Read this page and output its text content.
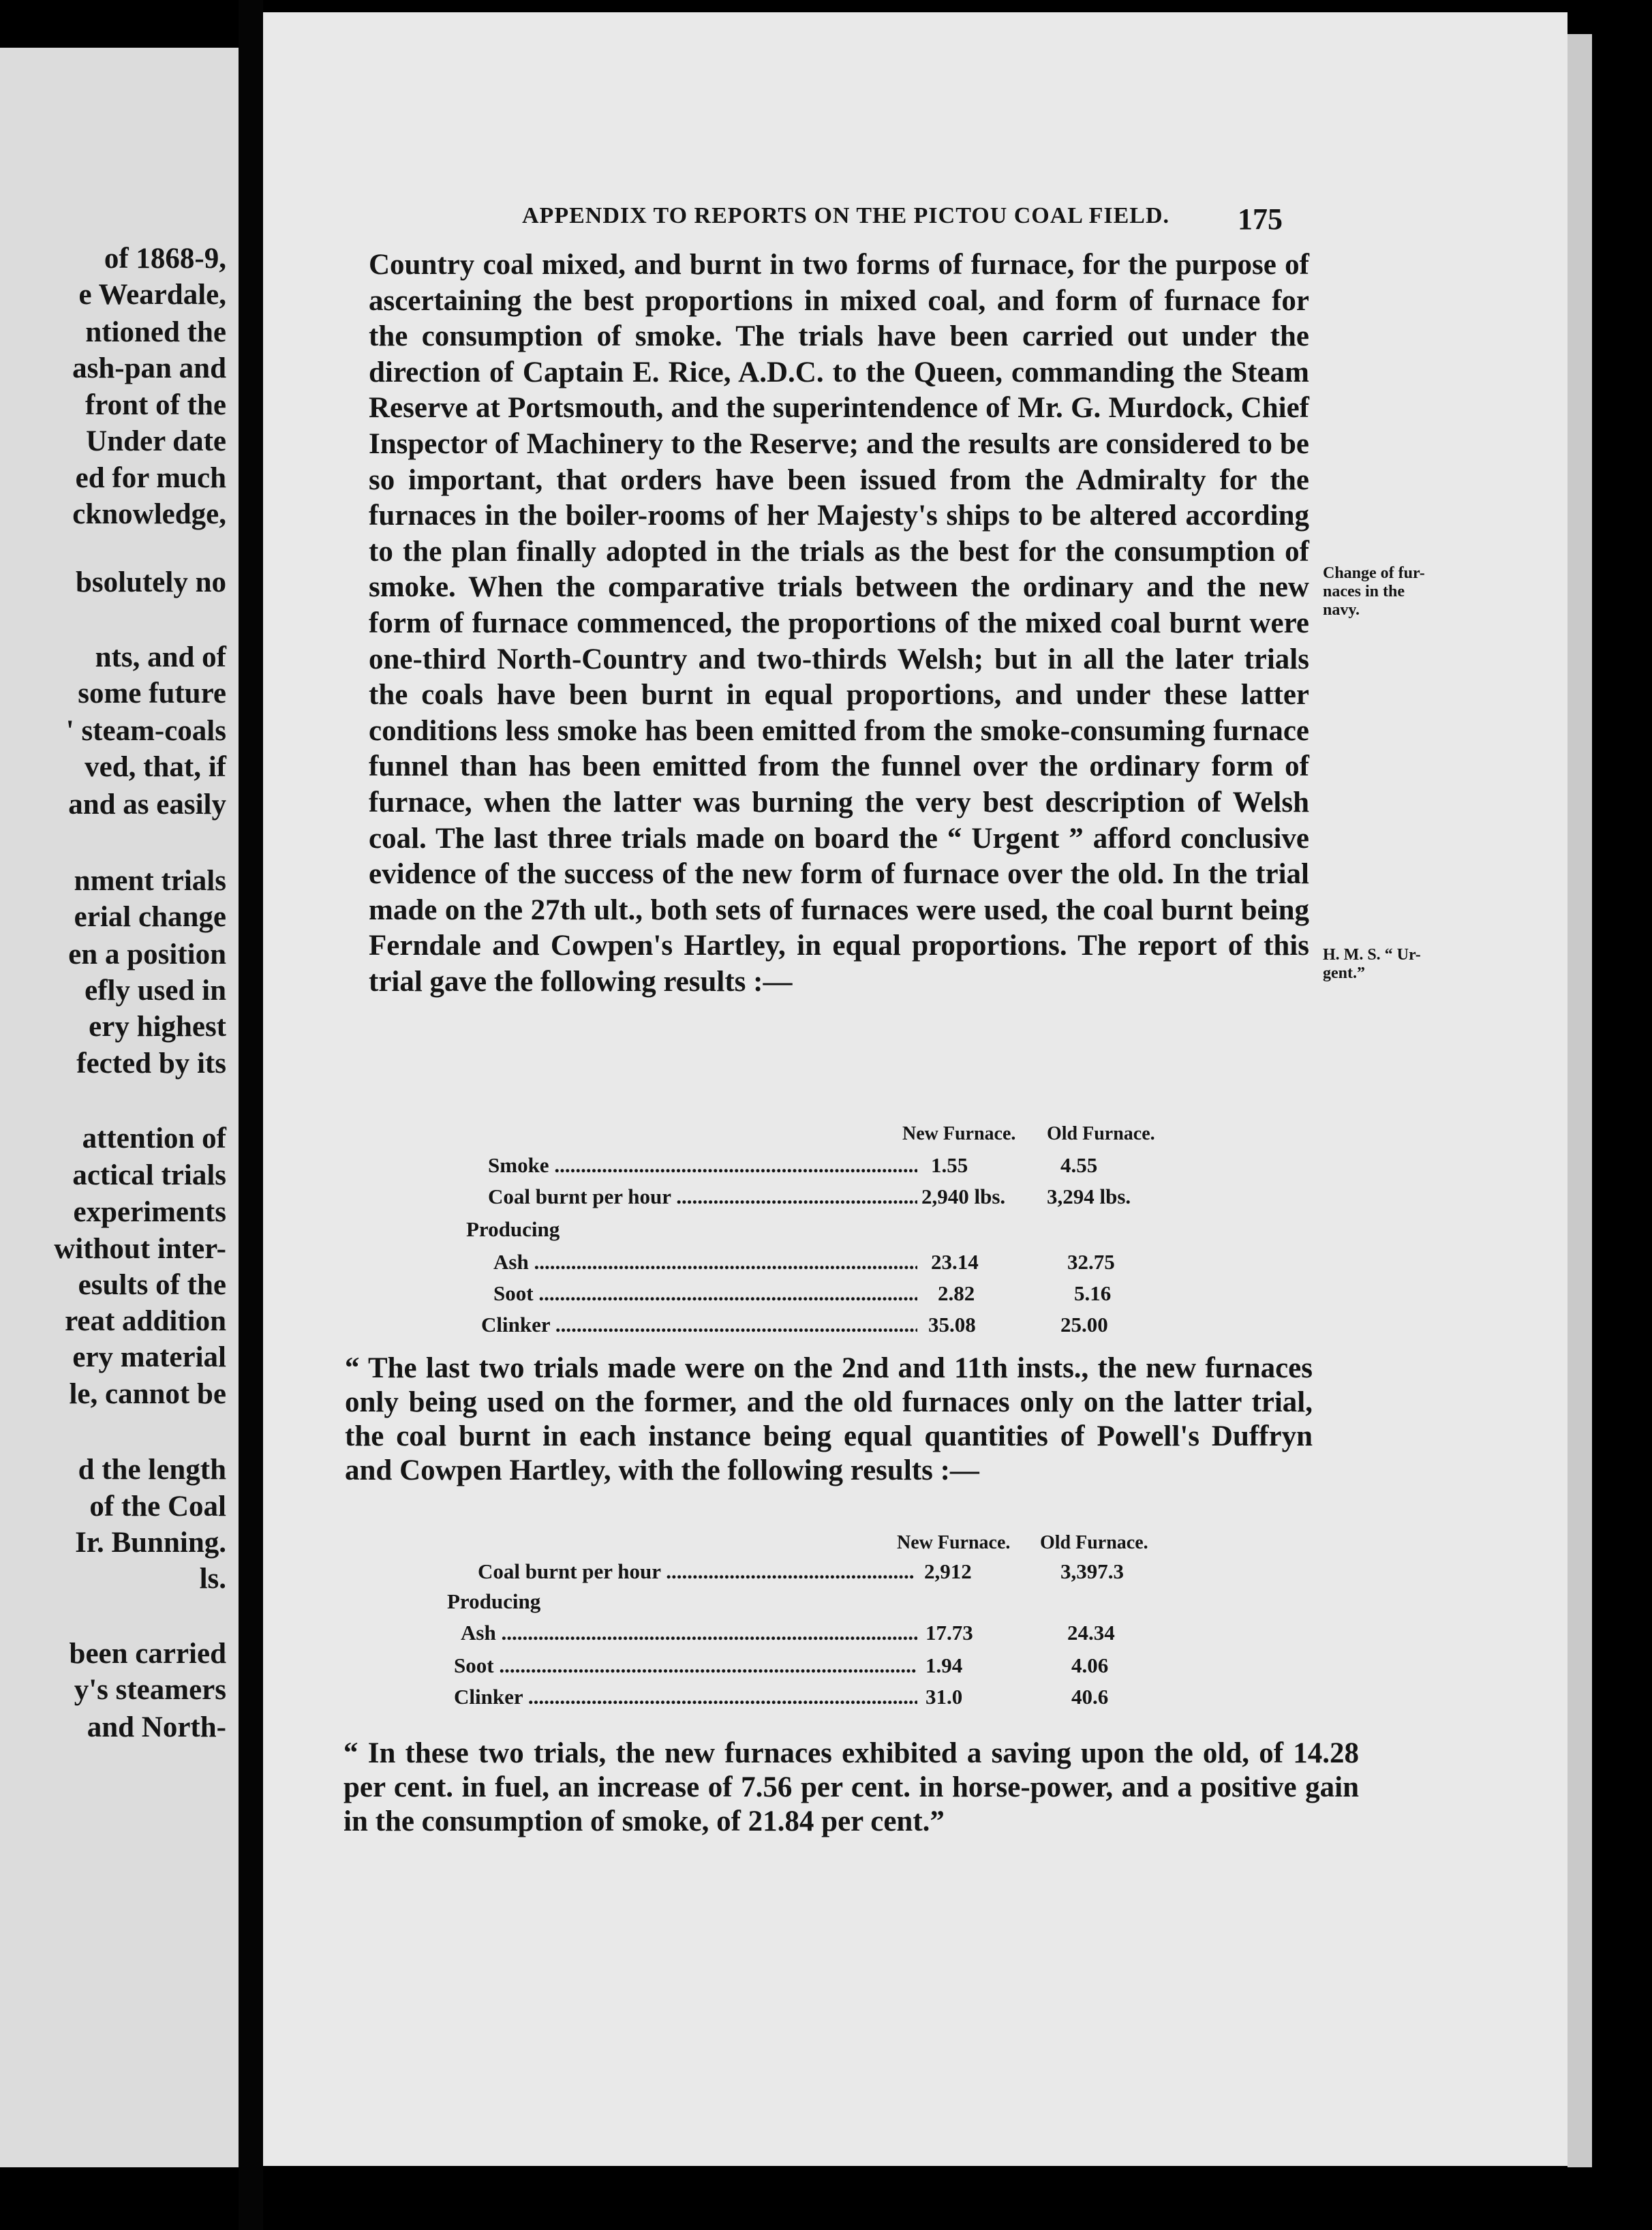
of 1868-9,
e Weardale,
ntioned the
ash-pan and
front of the
Under date
ed for much
cknowledge,
bsolutely no
nts, and of
some future
' steam-coals
ved, that, if
and as easily
nment trials
erial change
en a position
efly used in
ery highest
fected by its
attention of
actical trials
experiments
without inter-
esults of the
reat addition
ery material
le, cannot be
d the length
of the Coal
Ir. Bunning.
ls.
been carried
y's steamers
and North-
APPENDIX TO REPORTS ON THE PICTOU COAL FIELD.	175
Country coal mixed, and burnt in two forms of furnace, for the purpose of ascertaining the best proportions in mixed coal, and form of furnace for the consumption of smoke. The trials have been carried out under the direction of Captain E. Rice, A.D.C. to the Queen, commanding the Steam Reserve at Portsmouth, and the superintendence of Mr. G. Murdock, Chief Inspector of Machinery to the Reserve; and the results are considered to be so important, that orders have been issued from the Admiralty for the furnaces in the boiler-rooms of her Majesty's ships to be altered according to the plan finally adopted in the trials as the best for the consumption of smoke. When the comparative trials between the ordinary and the new form of furnace commenced, the proportions of the mixed coal burnt were one-third North-Country and two-thirds Welsh; but in all the later trials the coals have been burnt in equal proportions, and under these latter conditions less smoke has been emitted from the smoke-consuming furnace funnel than has been emitted from the funnel over the ordinary form of furnace, when the latter was burning the very best description of Welsh coal. The last three trials made on board the “ Urgent ” afford conclusive evidence of the success of the new form of furnace over the old. In the trial made on the 27th ult., both sets of furnaces were used, the coal burnt being Ferndale and Cowpen's Hartley, in equal proportions. The report of this trial gave the following results :—
Change of fur-
naces in the
navy.
H. M. S. “ Ur-
gent.”
New Furnace. Old Furnace.
Smoke .....	1.55	4.55
Coal burnt per hour .....	2,940 lbs. 3,294 lbs.
Producing
Ash .....	23.14	32.75
Soot .....	2.82	5.16
Clinker .....	35.08	25.00
“ The last two trials made were on the 2nd and 11th insts., the new furnaces only being used on the former, and the old furnaces only on the latter trial, the coal burnt in each instance being equal quantities of Powell's Duffryn and Cowpen Hartley, with the following results :—
New Furnace. Old Furnace.
Coal burnt per hour .....	2,912	3,397.3
Producing
Ash .....	17.73	24.34
Soot .....	1.94	4.06
Clinker .....	31.0	40.6
“ In these two trials, the new furnaces exhibited a saving upon the old, of 14.28 per cent. in fuel, an increase of 7.56 per cent. in horse-power, and a positive gain in the consumption of smoke, of 21.84 per cent.”
